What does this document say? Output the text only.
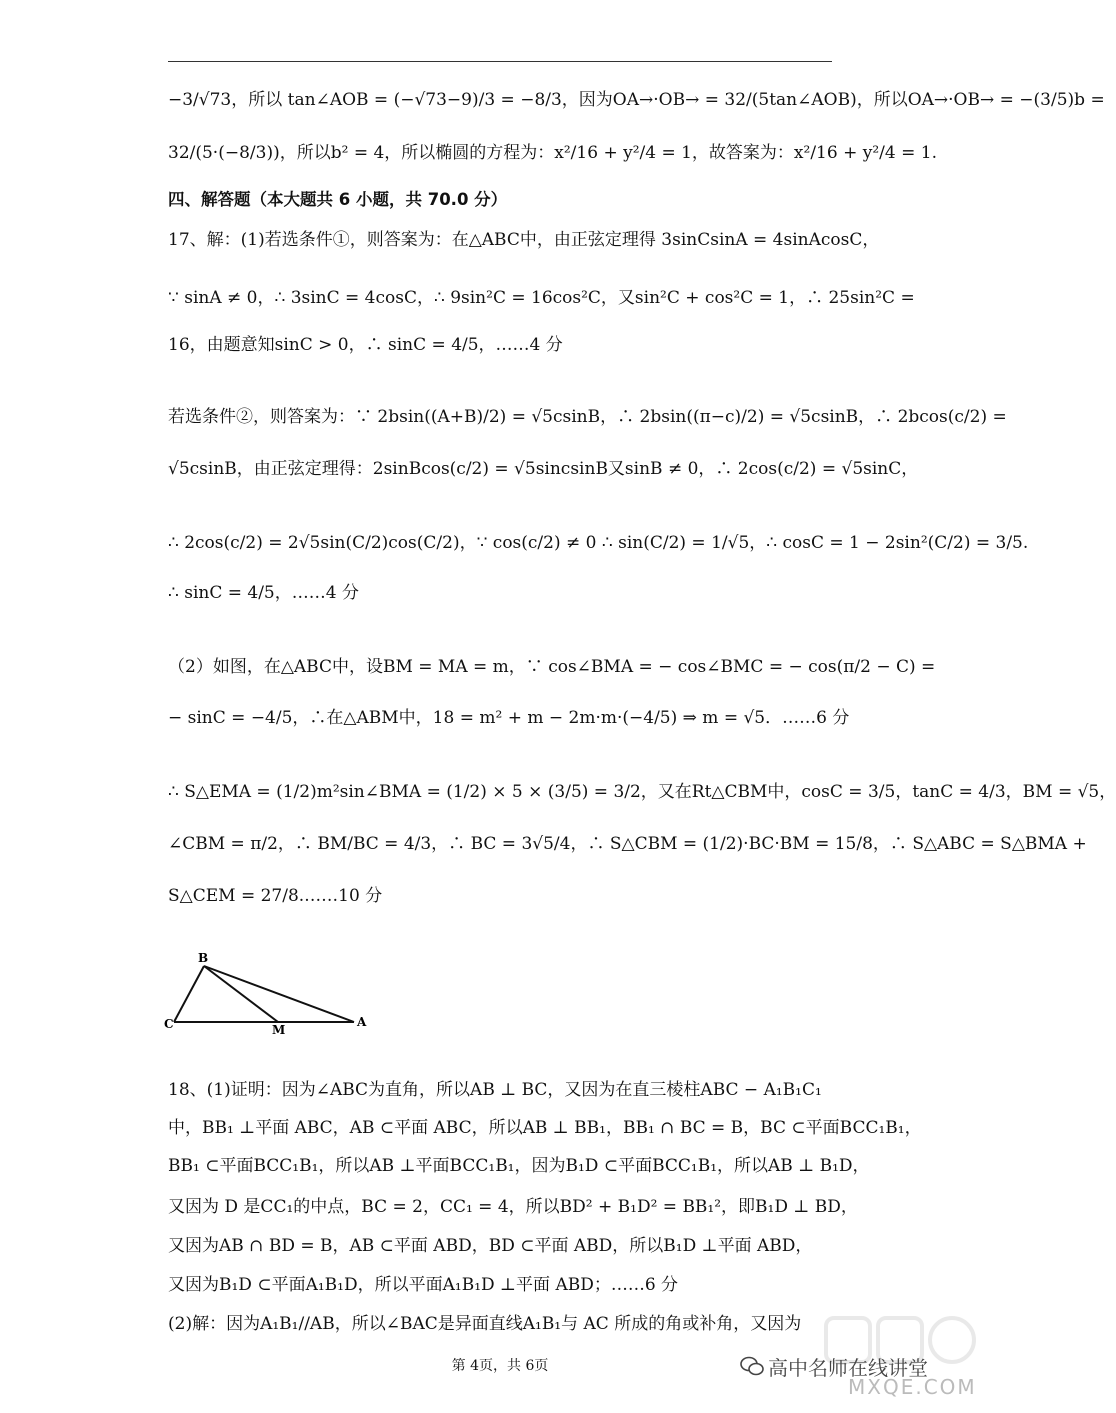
−3/√73，所以 tan∠AOB = (−√73−9)/3 = −8/3，因为OA→·OB→ = 32/(5tan∠AOB)，所以OA→·OB→ = −(3/5)b =
32/(5·(−8/3))，所以b² = 4，所以椭圆的方程为：x²/16 + y²/4 = 1，故答案为：x²/16 + y²/4 = 1.
四、解答题（本大题共 6 小题，共 70.0 分）
17、解：(1)若选条件①，则答案为：在△ABC中，由正弦定理得 3sinCsinA = 4sinAcosC，
∵ sinA ≠ 0，∴ 3sinC = 4cosC，∴ 9sin²C = 16cos²C，又sin²C + cos²C = 1，∴ 25sin²C =
16，由题意知sinC > 0，∴ sinC = 4/5，……4 分
若选条件②，则答案为：∵ 2bsin((A+B)/2) = √5csinB，∴ 2bsin((π−c)/2) = √5csinB，∴ 2bcos(c/2) =
√5csinB，由正弦定理得：2sinBcos(c/2) = √5sincsinB又sinB ≠ 0，∴ 2cos(c/2) = √5sinC，
∴ 2cos(c/2) = 2√5sin(C/2)cos(C/2)，∵ cos(c/2) ≠ 0 ∴ sin(C/2) = 1/√5，∴ cosC = 1 − 2sin²(C/2) = 3/5.
∴ sinC = 4/5，……4 分
（2）如图，在△ABC中，设BM = MA = m，∵ cos∠BMA = − cos∠BMC = − cos(π/2 − C) =
− sinC = −4/5，∴在△ABM中，18 = m² + m − 2m·m·(−4/5) ⇒ m = √5．……6 分
∴ S△EMA = (1/2)m²sin∠BMA = (1/2) × 5 × (3/5) = 3/2，又在Rt△CBM中，cosC = 3/5，tanC = 4/3，BM = √5，
∠CBM = π/2，∴ BM/BC = 4/3，∴ BC = 3√5/4，∴ S△CBM = (1/2)·BC·BM = 15/8，∴ S△ABC = S△BMA +
S△CEM = 27/8.……10 分
B
C	M
A
18、(1)证明：因为∠ABC为直角，所以AB ⊥ BC，又因为在直三棱柱ABC − A₁B₁C₁
中，BB₁ ⊥平面 ABC，AB ⊂平面 ABC，所以AB ⊥ BB₁，BB₁ ∩ BC = B，BC ⊂平面BCC₁B₁，
BB₁ ⊂平面BCC₁B₁，所以AB ⊥平面BCC₁B₁，因为B₁D ⊂平面BCC₁B₁，所以AB ⊥ B₁D，
又因为 D 是CC₁的中点，BC = 2，CC₁ = 4，所以BD² + B₁D² = BB₁²，即B₁D ⊥ BD，
又因为AB ∩ BD = B，AB ⊂平面 ABD，BD ⊂平面 ABD，所以B₁D ⊥平面 ABD，
又因为B₁D ⊂平面A₁B₁D，所以平面A₁B₁D ⊥平面 ABD；……6 分
(2)解：因为A₁B₁//AB，所以∠BAC是异面直线A₁B₁与 AC 所成的角或补角，又因为
第 4页，共 6页	高中名师在线讲堂
MXQE.COM
